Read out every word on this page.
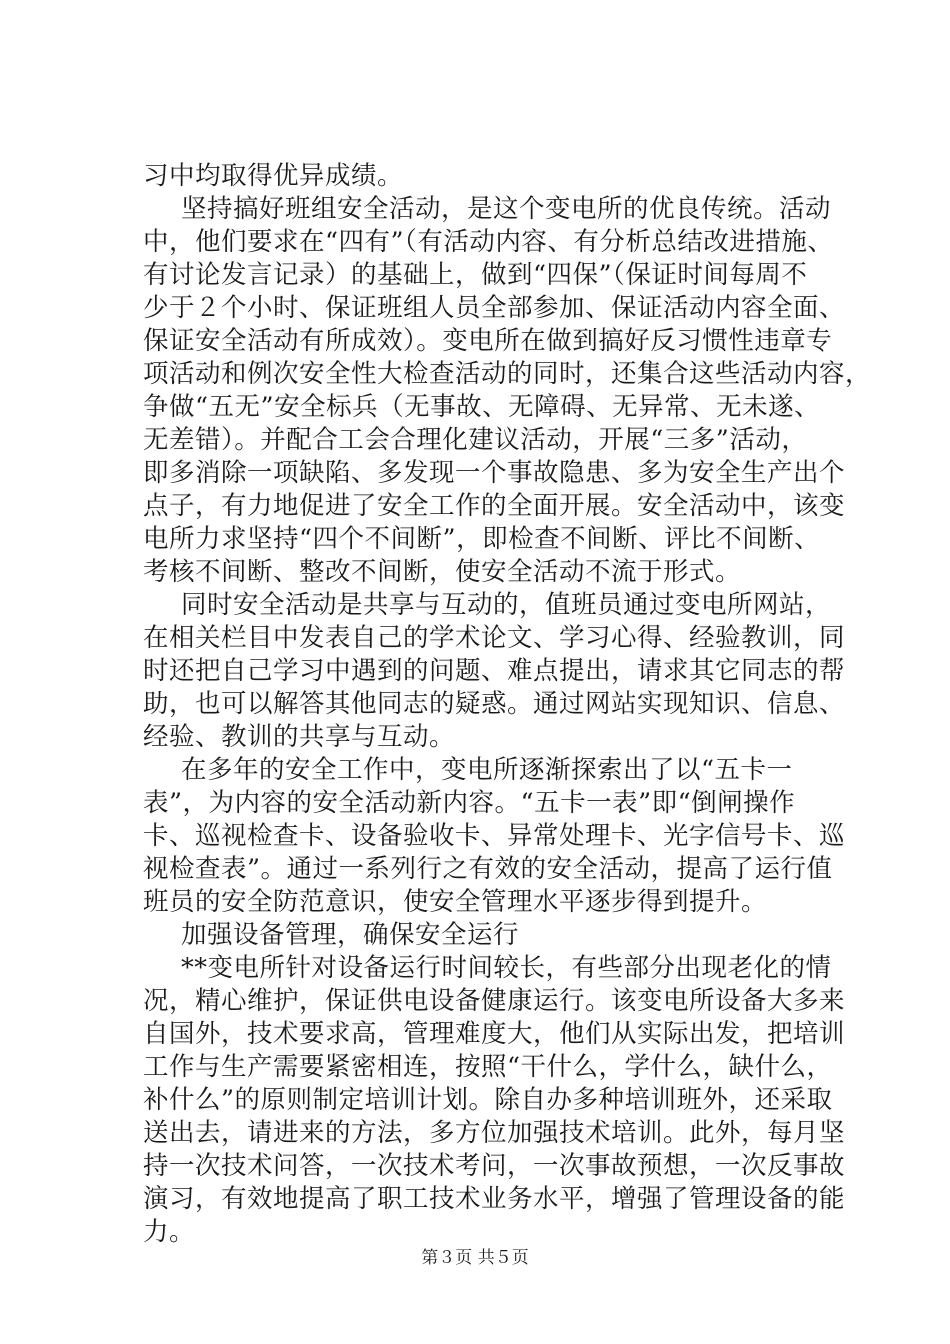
习中均取得优异成绩。
坚持搞好班组安全活动，是这个变电所的优良传统。活动
中，他们要求在“四有”（有活动内容、有分析总结改进措施、
有讨论发言记录）的基础上，做到“四保”（保证时间每周不
少于２个小时、保证班组人员全部参加、保证活动内容全面、
保证安全活动有所成效）。变电所在做到搞好反习惯性违章专
项活动和例次安全性大检查活动的同时，还集合这些活动内容，
争做“五无”安全标兵（无事故、无障碍、无异常、无未遂、
无差错）。并配合工会合理化建议活动，开展“三多”活动，
即多消除一项缺陷、多发现一个事故隐患、多为安全生产出个
点子，有力地促进了安全工作的全面开展。安全活动中，该变
电所力求坚持“四个不间断”，即检查不间断、评比不间断、
考核不间断、整改不间断，使安全活动不流于形式。
同时安全活动是共享与互动的，值班员通过变电所网站，
在相关栏目中发表自己的学术论文、学习心得、经验教训，同
时还把自己学习中遇到的问题、难点提出，请求其它同志的帮
助，也可以解答其他同志的疑惑。通过网站实现知识、信息、
经验、教训的共享与互动。
在多年的安全工作中，变电所逐渐探索出了以“五卡一
表”，为内容的安全活动新内容。“五卡一表”即“倒闸操作
卡、巡视检查卡、设备验收卡、异常处理卡、光字信号卡、巡
视检查表”。通过一系列行之有效的安全活动，提高了运行值
班员的安全防范意识，使安全管理水平逐步得到提升。
加强设备管理，确保安全运行
**变电所针对设备运行时间较长，有些部分出现老化的情
况，精心维护，保证供电设备健康运行。该变电所设备大多来
自国外，技术要求高，管理难度大，他们从实际出发，把培训
工作与生产需要紧密相连，按照“干什么，学什么，缺什么，
补什么”的原则制定培训计划。除自办多种培训班外，还采取
送出去，请进来的方法，多方位加强技术培训。此外，每月坚
持一次技术问答，一次技术考问，一次事故预想，一次反事故
演习，有效地提高了职工技术业务水平，增强了管理设备的能
力。
第３页 共５页
